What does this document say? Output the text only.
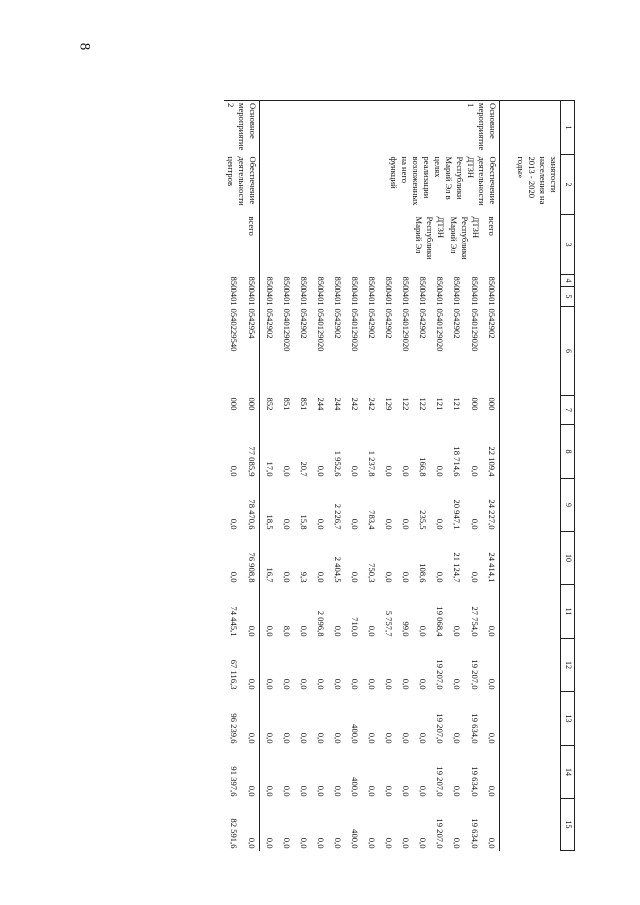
8
1	2	3	4	5	6	7	8	9	10	11	12	13	14	15
	занятости населения на 2013 - 2020 годы»													
Основное мероприятие 1	Обеспечение деятельности ДТЗН Республики Марий Эл в целях реализации возложенных на него функций	всего	850	0401	0542902	000	22 109,4	24 227,0	24 414,1	0,0	0,0	0,0	0,0	0,0
		ДТЗН Республики Марий Эл	850	0401	0540129020	000	0,0	0,0	0,0	27 754,0	19 207,0	19 634,0	19 634,0	19 634,0
			850	0401	0542902	121	18 714,6	20 947,1	21 124,7	0,0	0,0	0,0	0,0	0,0
		ДТЗН Республики Марий Эл	850	0401	0540129020	121	0,0	0,0	0,0	19 068,4	19 207,0	19 207,0	19 207,0	19 207,0
			850	0401	0542902	122	166,8	235,5	108,6	0,0	0,0	0,0	0,0	0,0
			850	0401	0540129020	122	0,0	0,0	0,0	99,0	0,0	0,0	0,0	0,0
			850	0401	0542902	129	0,0	0,0	0,0	5 757,7	0,0	0,0	0,0	0,0
			850	0401	0542902	242	1 237,8	783,4	750,3	0,0	0,0	0,0	0,0	0,0
			850	0401	0540129020	242	0,0	0,0	0,0	710,0	0,0	400,0	400,0	400,0
			850	0401	0542902	244	1 952,6	2 226,7	2 404,5	0,0	0,0	0,0	0,0	0,0
			850	0401	0540129020	244	0,0	0,0	0,0	2 096,8	0,0	0,0	0,0	0,0
			850	0401	0542902	851	20,7	15,8	9,3	0,0	0,0	0,0	0,0	0,0
			850	0401	0540129020	851	0,0	0,0	0,0	8,0	0,0	0,0	0,0	0,0
			850	0401	0542902	852	17,0	18,5	16,7	0,0	0,0	0,0	0,0	0,0
Основное мероприятие 2	Обеспечение деятельности центров	всего	850	0401	0542954	000	77 085,9	78 470,6	76 908,8	0,0	0,0	0,0	0,0	0,0
			850	0401	0540229540	000	0,0	0,0	0,0	74 445,1	67 116,3	96 239,6	91 397,6	82 591,6
